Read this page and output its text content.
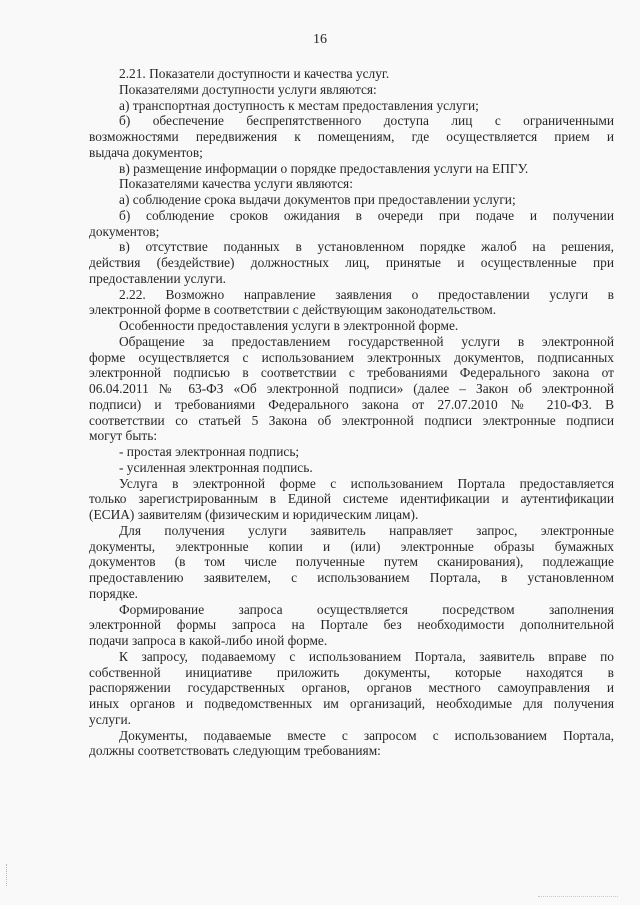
16
2.21. Показатели доступности и качества услуг.
Показателями доступности услуги являются:
а) транспортная доступность к местам предоставления услуги;
б) обеспечение беспрепятственного доступа лиц с ограниченными
возможностями передвижения к помещениям, где осуществляется прием и
выдача документов;
в) размещение информации о порядке предоставления услуги на ЕПГУ.
Показателями качества услуги являются:
а) соблюдение срока выдачи документов при предоставлении услуги;
б) соблюдение сроков ожидания в очереди при подаче и получении
документов;
в) отсутствие поданных в установленном порядке жалоб на решения,
действия (бездействие) должностных лиц, принятые и осуществленные при
предоставлении услуги.
2.22. Возможно направление заявления о предоставлении услуги в
электронной форме в соответствии с действующим законодательством.
Особенности предоставления услуги в электронной форме.
Обращение за предоставлением государственной услуги в электронной
форме осуществляется с использованием электронных документов, подписанных
электронной подписью в соответствии с требованиями Федерального закона от
06.04.2011 № 63-ФЗ «Об электронной подписи» (далее – Закон об электронной
подписи) и требованиями Федерального закона от 27.07.2010 № 210-ФЗ. В
соответствии со статьей 5 Закона об электронной подписи электронные подписи
могут быть:
- простая электронная подпись;
- усиленная электронная подпись.
Услуга в электронной форме с использованием Портала предоставляется
только зарегистрированным в Единой системе идентификации и аутентификации
(ЕСИА) заявителям (физическим и юридическим лицам).
Для получения услуги заявитель направляет запрос, электронные
документы, электронные копии и (или) электронные образы бумажных
документов (в том числе полученные путем сканирования), подлежащие
предоставлению заявителем, с использованием Портала, в установленном
порядке.
Формирование запроса осуществляется посредством заполнения
электронной формы запроса на Портале без необходимости дополнительной
подачи запроса в какой-либо иной форме.
К запросу, подаваемому с использованием Портала, заявитель вправе по
собственной инициативе приложить документы, которые находятся в
распоряжении государственных органов, органов местного самоуправления и
иных органов и подведомственных им организаций, необходимые для получения
услуги.
Документы, подаваемые вместе с запросом с использованием Портала,
должны соответствовать следующим требованиям:
